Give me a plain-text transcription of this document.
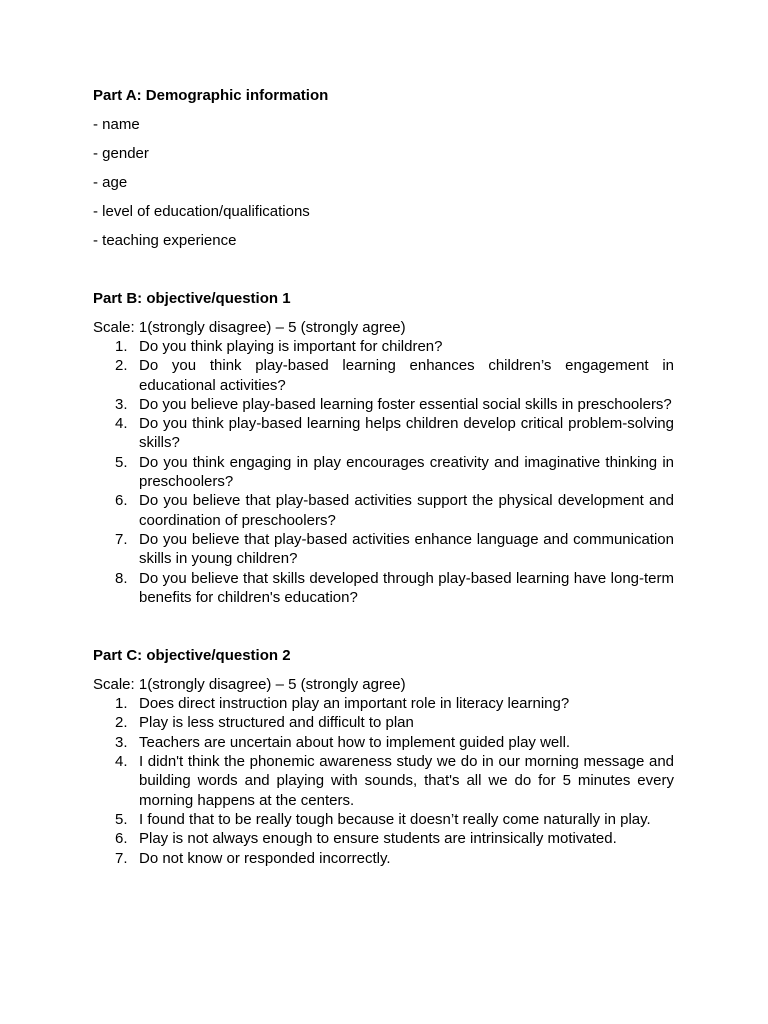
Part A: Demographic information
- name
- gender
- age
- level of education/qualifications
- teaching experience
Part B: objective/question 1
Scale: 1(strongly disagree) – 5 (strongly agree)
1. Do you think playing is important for children?
2. Do you think play-based learning enhances children’s engagement in educational activities?
3. Do you believe play-based learning foster essential social skills in preschoolers?
4. Do you think play-based learning helps children develop critical problem-solving skills?
5. Do you think engaging in play encourages creativity and imaginative thinking in preschoolers?
6. Do you believe that play-based activities support the physical development and coordination of preschoolers?
7. Do you believe that play-based activities enhance language and communication skills in young children?
8. Do you believe that skills developed through play-based learning have long-term benefits for children's education?
Part C: objective/question 2
Scale: 1(strongly disagree) – 5 (strongly agree)
1. Does direct instruction play an important role in literacy learning?
2. Play is less structured and difficult to plan
3. Teachers are uncertain about how to implement guided play well.
4. I didn't think the phonemic awareness study we do in our morning message and building words and playing with sounds, that's all we do for 5 minutes every morning happens at the centers.
5. I found that to be really tough because it doesn’t really come naturally in play.
6. Play is not always enough to ensure students are intrinsically motivated.
7. Do not know or responded incorrectly.
